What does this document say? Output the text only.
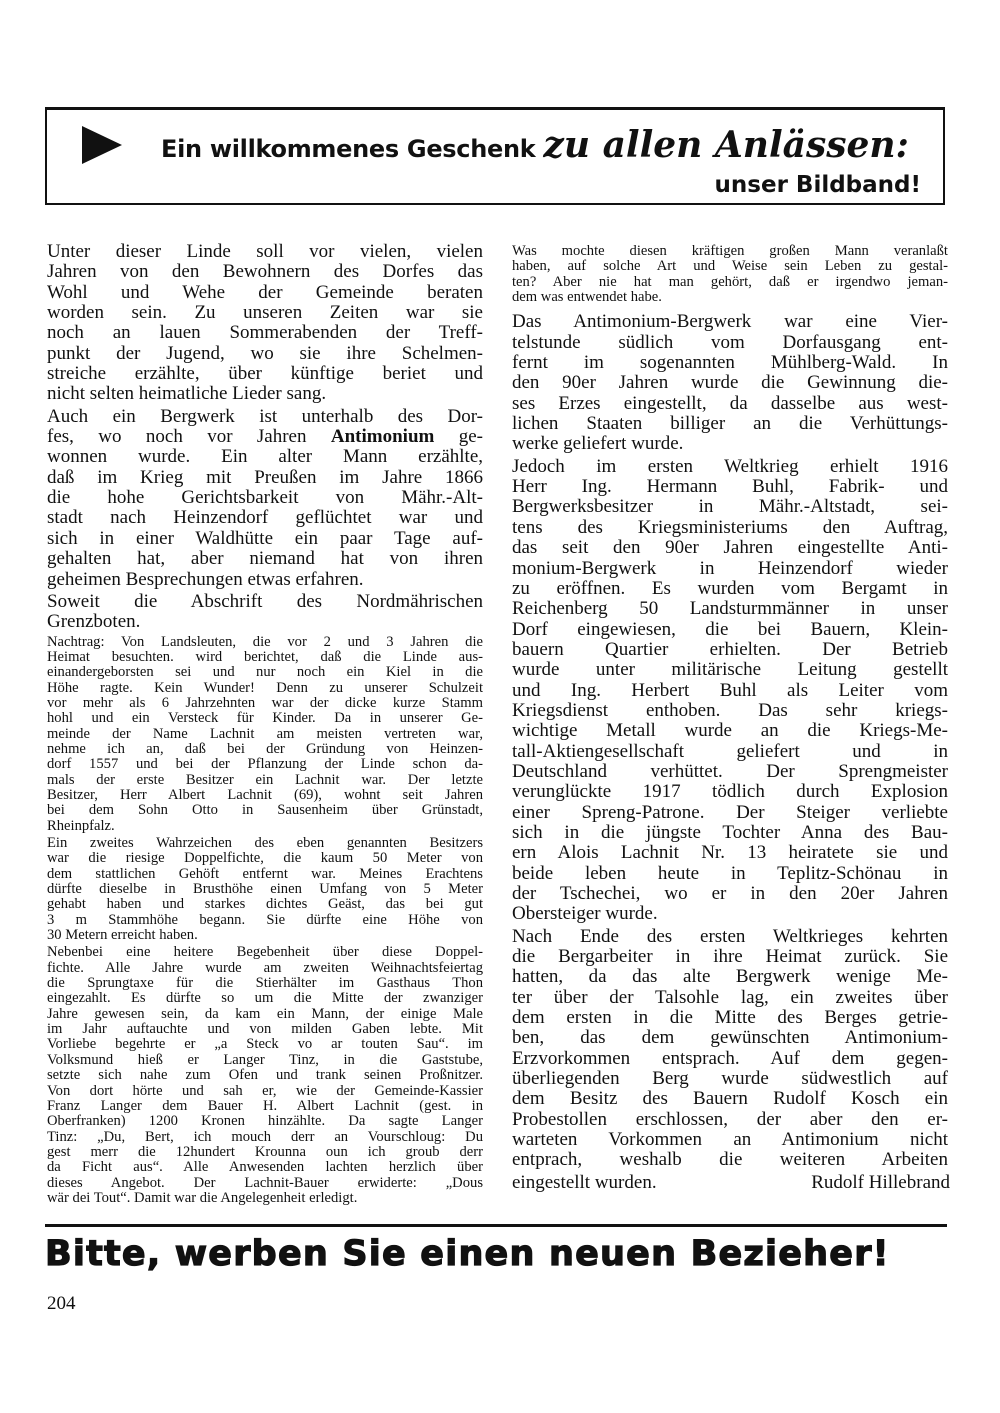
Ein willkommenes Geschenk zu allen Anlässen:
unser Bildband!
Unter dieser Linde soll vor vielen, vielen
Jahren von den Bewohnern des Dorfes das
Wohl und Wehe der Gemeinde beraten
worden sein. Zu unseren Zeiten war sie
noch an lauen Sommerabenden der Treff-
punkt der Jugend, wo sie ihre Schelmen-
streiche erzählte, über künftige beriet und
nicht selten heimatliche Lieder sang.
Auch ein Bergwerk ist unterhalb des Dor-
fes, wo noch vor Jahren Antimonium ge-
wonnen wurde. Ein alter Mann erzählte,
daß im Krieg mit Preußen im Jahre 1866
die hohe Gerichtsbarkeit von Mähr.-Alt-
stadt nach Heinzendorf geflüchtet war und
sich in einer Waldhütte ein paar Tage auf-
gehalten hat, aber niemand hat von ihren
geheimen Besprechungen etwas erfahren.
Soweit die Abschrift des Nordmährischen
Grenzboten.
Nachtrag: Von Landsleuten, die vor 2 und 3 Jahren die
Heimat besuchten. wird berichtet, daß die Linde aus-
einandergeborsten sei und nur noch ein Kiel in die
Höhe ragte. Kein Wunder! Denn zu unserer Schulzeit
vor mehr als 6 Jahrzehnten war der dicke kurze Stamm
hohl und ein Versteck für Kinder. Da in unserer Ge-
meinde der Name Lachnit am meisten vertreten war,
nehme ich an, daß bei der Gründung von Heinzen-
dorf 1557 und bei der Pflanzung der Linde schon da-
mals der erste Besitzer ein Lachnit war. Der letzte
Besitzer, Herr Albert Lachnit (69), wohnt seit Jahren
bei dem Sohn Otto in Sausenheim über Grünstadt,
Rheinpfalz.
Ein zweites Wahrzeichen des eben genannten Besitzers
war die riesige Doppelfichte, die kaum 50 Meter von
dem stattlichen Gehöft entfernt war. Meines Erachtens
dürfte dieselbe in Brusthöhe einen Umfang von 5 Meter
gehabt haben und starkes dichtes Geäst, das bei gut
3 m Stammhöhe begann. Sie dürfte eine Höhe von
30 Metern erreicht haben.
Nebenbei eine heitere Begebenheit über diese Doppel-
fichte. Alle Jahre wurde am zweiten Weihnachtsfeiertag
die Sprungtaxe für die Stierhälter im Gasthaus Thon
eingezahlt. Es dürfte so um die Mitte der zwanziger
Jahre gewesen sein, da kam ein Mann, der einige Male
im Jahr auftauchte und von milden Gaben lebte. Mit
Vorliebe begehrte er „a Steck vo ar touten Sau“. im
Volksmund hieß er Langer Tinz, in die Gaststube,
setzte sich nahe zum Ofen und trank seinen Proßnitzer.
Von dort hörte und sah er, wie der Gemeinde-Kassier
Franz Langer dem Bauer H. Albert Lachnit (gest. in
Oberfranken) 1200 Kronen hinzählte. Da sagte Langer
Tinz: „Du, Bert, ich mouch derr an Vourschloug: Du
gest merr die 12hundert Krounna oun ich groub derr
da Ficht aus“. Alle Anwesenden lachten herzlich über
dieses Angebot. Der Lachnit-Bauer erwiderte: „Dous
wär dei Tout“. Damit war die Angelegenheit erledigt.
Was mochte diesen kräftigen großen Mann veranlaßt
haben, auf solche Art und Weise sein Leben zu gestal-
ten? Aber nie hat man gehört, daß er irgendwo jeman-
dem was entwendet habe.
Das Antimonium-Bergwerk war eine Vier-
telstunde südlich vom Dorfausgang ent-
fernt im sogenannten Mühlberg-Wald. In
den 90er Jahren wurde die Gewinnung die-
ses Erzes eingestellt, da dasselbe aus west-
lichen Staaten billiger an die Verhüttungs-
werke geliefert wurde.
Jedoch im ersten Weltkrieg erhielt 1916
Herr Ing. Hermann Buhl, Fabrik- und
Bergwerksbesitzer in Mähr.-Altstadt, sei-
tens des Kriegsministeriums den Auftrag,
das seit den 90er Jahren eingestellte Anti-
monium-Bergwerk in Heinzendorf wieder
zu eröffnen. Es wurden vom Bergamt in
Reichenberg 50 Landsturmmänner in unser
Dorf eingewiesen, die bei Bauern, Klein-
bauern Quartier erhielten. Der Betrieb
wurde unter militärische Leitung gestellt
und Ing. Herbert Buhl als Leiter vom
Kriegsdienst enthoben. Das sehr kriegs-
wichtige Metall wurde an die Kriegs-Me-
tall-Aktiengesellschaft geliefert und in
Deutschland verhüttet. Der Sprengmeister
verunglückte 1917 tödlich durch Explosion
einer Spreng-Patrone. Der Steiger verliebte
sich in die jüngste Tochter Anna des Bau-
ern Alois Lachnit Nr. 13 heiratete sie und
beide leben heute in Teplitz-Schönau in
der Tschechei, wo er in den 20er Jahren
Obersteiger wurde.
Nach Ende des ersten Weltkrieges kehrten
die Bergarbeiter in ihre Heimat zurück. Sie
hatten, da das alte Bergwerk wenige Me-
ter über der Talsohle lag, ein zweites über
dem ersten in die Mitte des Berges getrie-
ben, das dem gewünschten Antimonium-
Erzvorkommen entsprach. Auf dem gegen-
überliegenden Berg wurde südwestlich auf
dem Besitz des Bauern Rudolf Kosch ein
Probestollen erschlossen, der aber den er-
warteten Vorkommen an Antimonium nicht
entprach, weshalb die weiteren Arbeiten
eingestellt wurden.	Rudolf Hillebrand
Bitte, werben Sie einen neuen Bezieher!
204
